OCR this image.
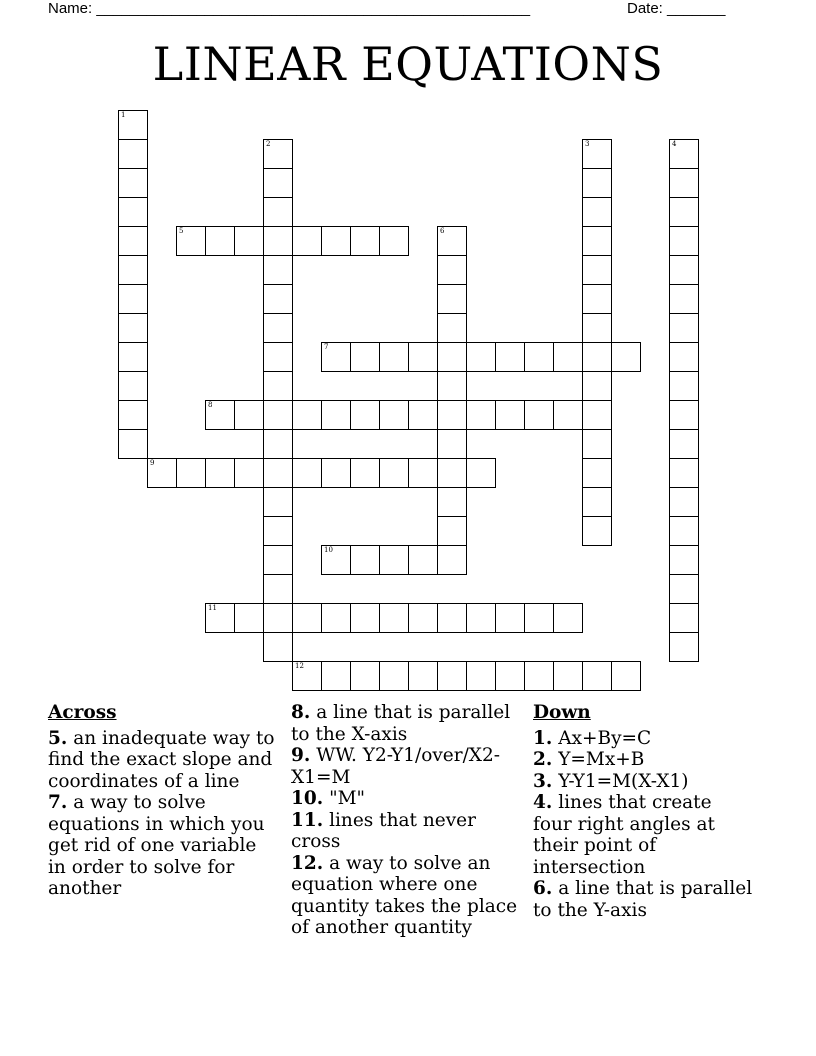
Name: ____________________________________________________	Date: _______
LINEAR EQUATIONS
1
2	3	4
5	6
7
8
9
10
11
12
Across

5. an inadequate way to find the exact slope and coordinates of a line

7. a way to solve equations in which you get rid of one variable in order to solve for another

8. a line that is parallel to the X-axis

9. WW. Y2-Y1/over/X2-X1=M

10. "M"

11. lines that never cross

12. a way to solve an equation where one quantity takes the place of another quantity

Down

1. Ax+By=C

2. Y=Mx+B

3. Y-Y1=M(X-X1)

4. lines that create four right angles at their point of intersection

6. a line that is parallel to the Y-axis
